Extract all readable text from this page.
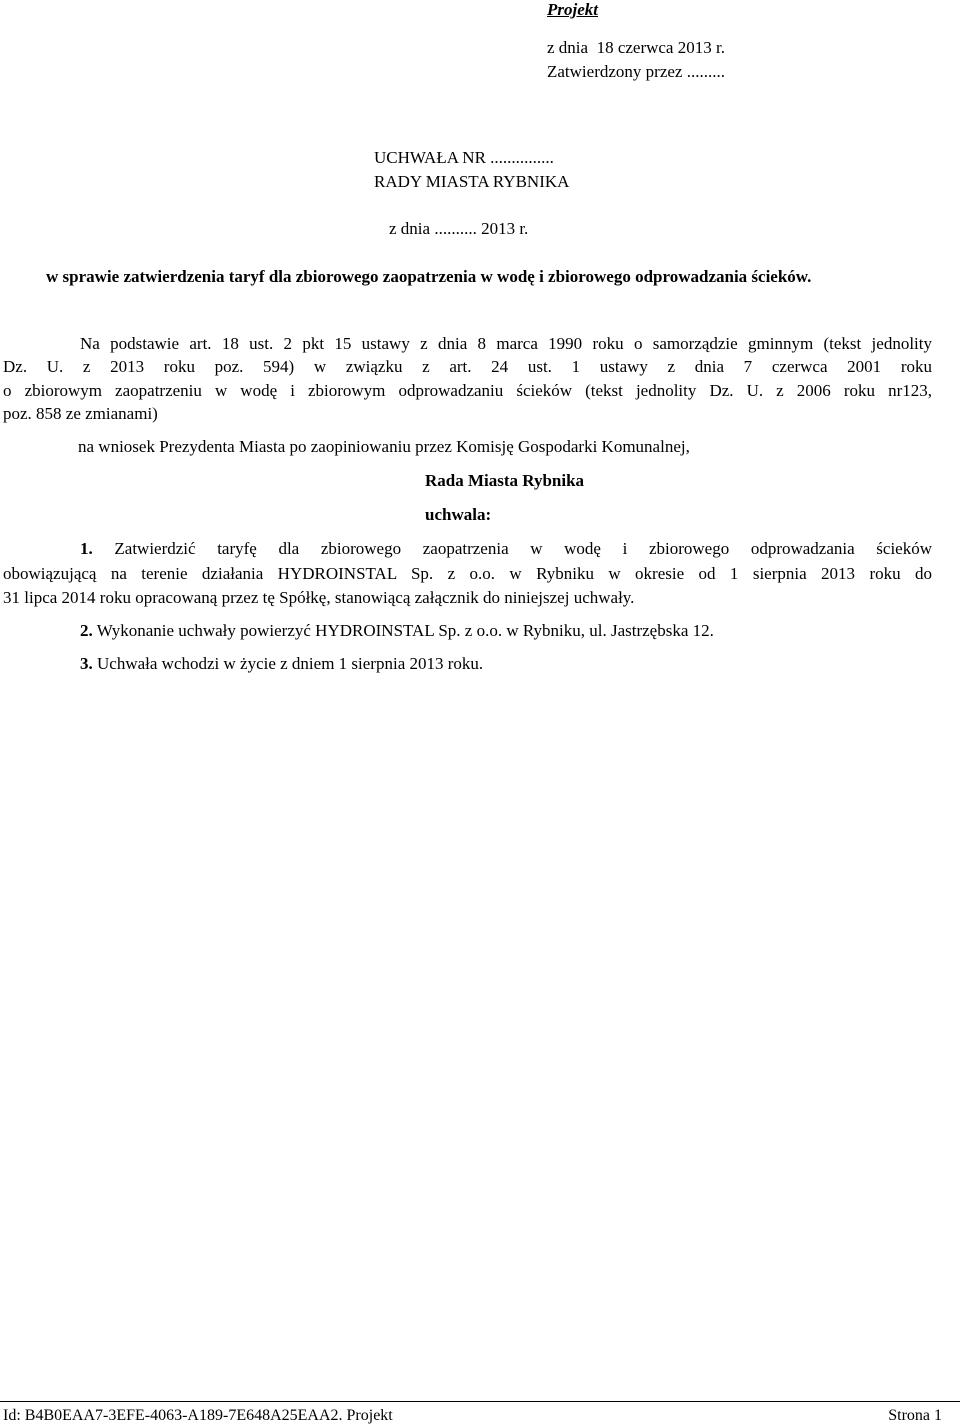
Projekt
z dnia  18 czerwca 2013 r.
Zatwierdzony przez .........
UCHWAŁA NR ...............
RADY MIASTA RYBNIKA
z dnia .......... 2013 r.
w sprawie zatwierdzenia taryf dla zbiorowego zaopatrzenia w wodę i zbiorowego odprowadzania ścieków.
Na podstawie art. 18 ust. 2 pkt 15 ustawy z dnia 8 marca 1990 roku o samorządzie gminnym (tekst jednolity
Dz. U. z 2013 roku poz. 594) w związku z art. 24 ust. 1 ustawy z dnia 7 czerwca 2001 roku
o zbiorowym zaopatrzeniu w wodę i zbiorowym odprowadzaniu ścieków (tekst jednolity Dz. U. z 2006 roku nr123,
poz. 858 ze zmianami)
na wniosek Prezydenta Miasta po zaopiniowaniu przez Komisję Gospodarki Komunalnej,
Rada Miasta Rybnika
uchwala:
1. Zatwierdzić taryfę dla zbiorowego zaopatrzenia w wodę i zbiorowego odprowadzania ścieków
obowiązującą na terenie działania HYDROINSTAL Sp. z o.o. w Rybniku w okresie od 1 sierpnia 2013 roku do
31 lipca 2014 roku opracowaną przez tę Spółkę, stanowiącą załącznik do niniejszej uchwały.
2. Wykonanie uchwały powierzyć HYDROINSTAL Sp. z o.o. w Rybniku, ul. Jastrzębska 12.
3. Uchwała wchodzi w życie z dniem 1 sierpnia 2013 roku.
Id: B4B0EAA7-3EFE-4063-A189-7E648A25EAA2. Projekt	Strona 1
